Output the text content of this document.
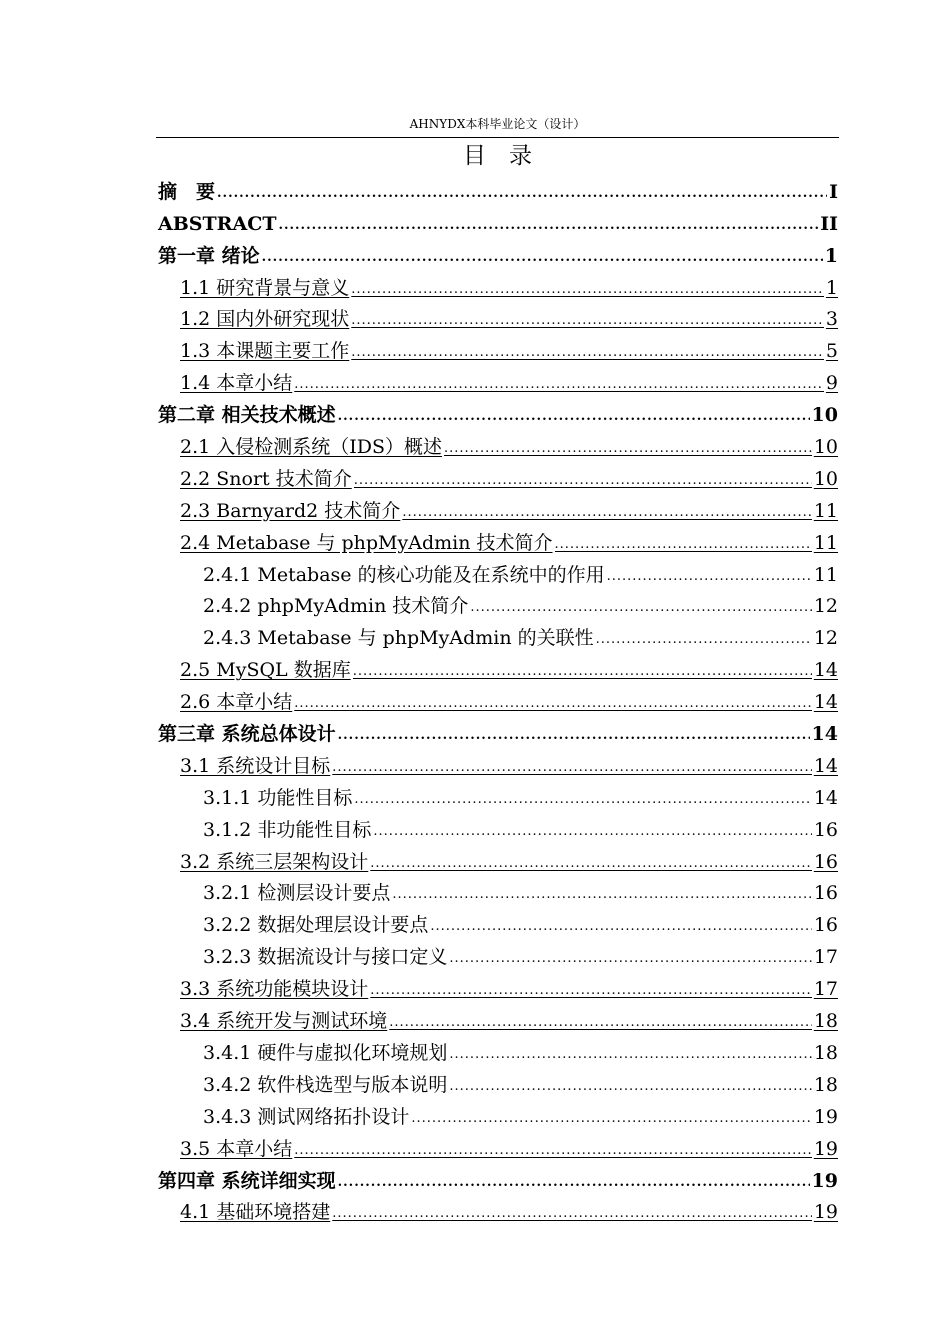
AHNYDX本科毕业论文（设计）
目　录
摘　要 .....	I
ABSTRACT .....	II
第一章 绪论 .....	1
1.1 研究背景与意义 .....	1
1.2 国内外研究现状 .....	3
1.3 本课题主要工作 .....	5
1.4 本章小结 .....	9
第二章 相关技术概述 .....	10
2.1 入侵检测系统（IDS）概述 .....	10
2.2 Snort 技术简介 .....	10
2.3 Barnyard2 技术简介 .....	11
2.4 Metabase 与 phpMyAdmin 技术简介 .....	11
2.4.1 Metabase 的核心功能及在系统中的作用 .....	11
2.4.2 phpMyAdmin 技术简介 .....	12
2.4.3 Metabase 与 phpMyAdmin 的关联性 .....	12
2.5 MySQL 数据库 .....	14
2.6 本章小结 .....	14
第三章 系统总体设计 .....	14
3.1 系统设计目标 .....	14
3.1.1 功能性目标 .....	14
3.1.2 非功能性目标 .....	16
3.2 系统三层架构设计 .....	16
3.2.1 检测层设计要点 .....	16
3.2.2 数据处理层设计要点 .....	16
3.2.3 数据流设计与接口定义 .....	17
3.3 系统功能模块设计 .....	17
3.4 系统开发与测试环境 .....	18
3.4.1 硬件与虚拟化环境规划 .....	18
3.4.2 软件栈选型与版本说明 .....	18
3.4.3 测试网络拓扑设计 .....	19
3.5 本章小结 .....	19
第四章 系统详细实现 .....	19
4.1 基础环境搭建 .....	19
